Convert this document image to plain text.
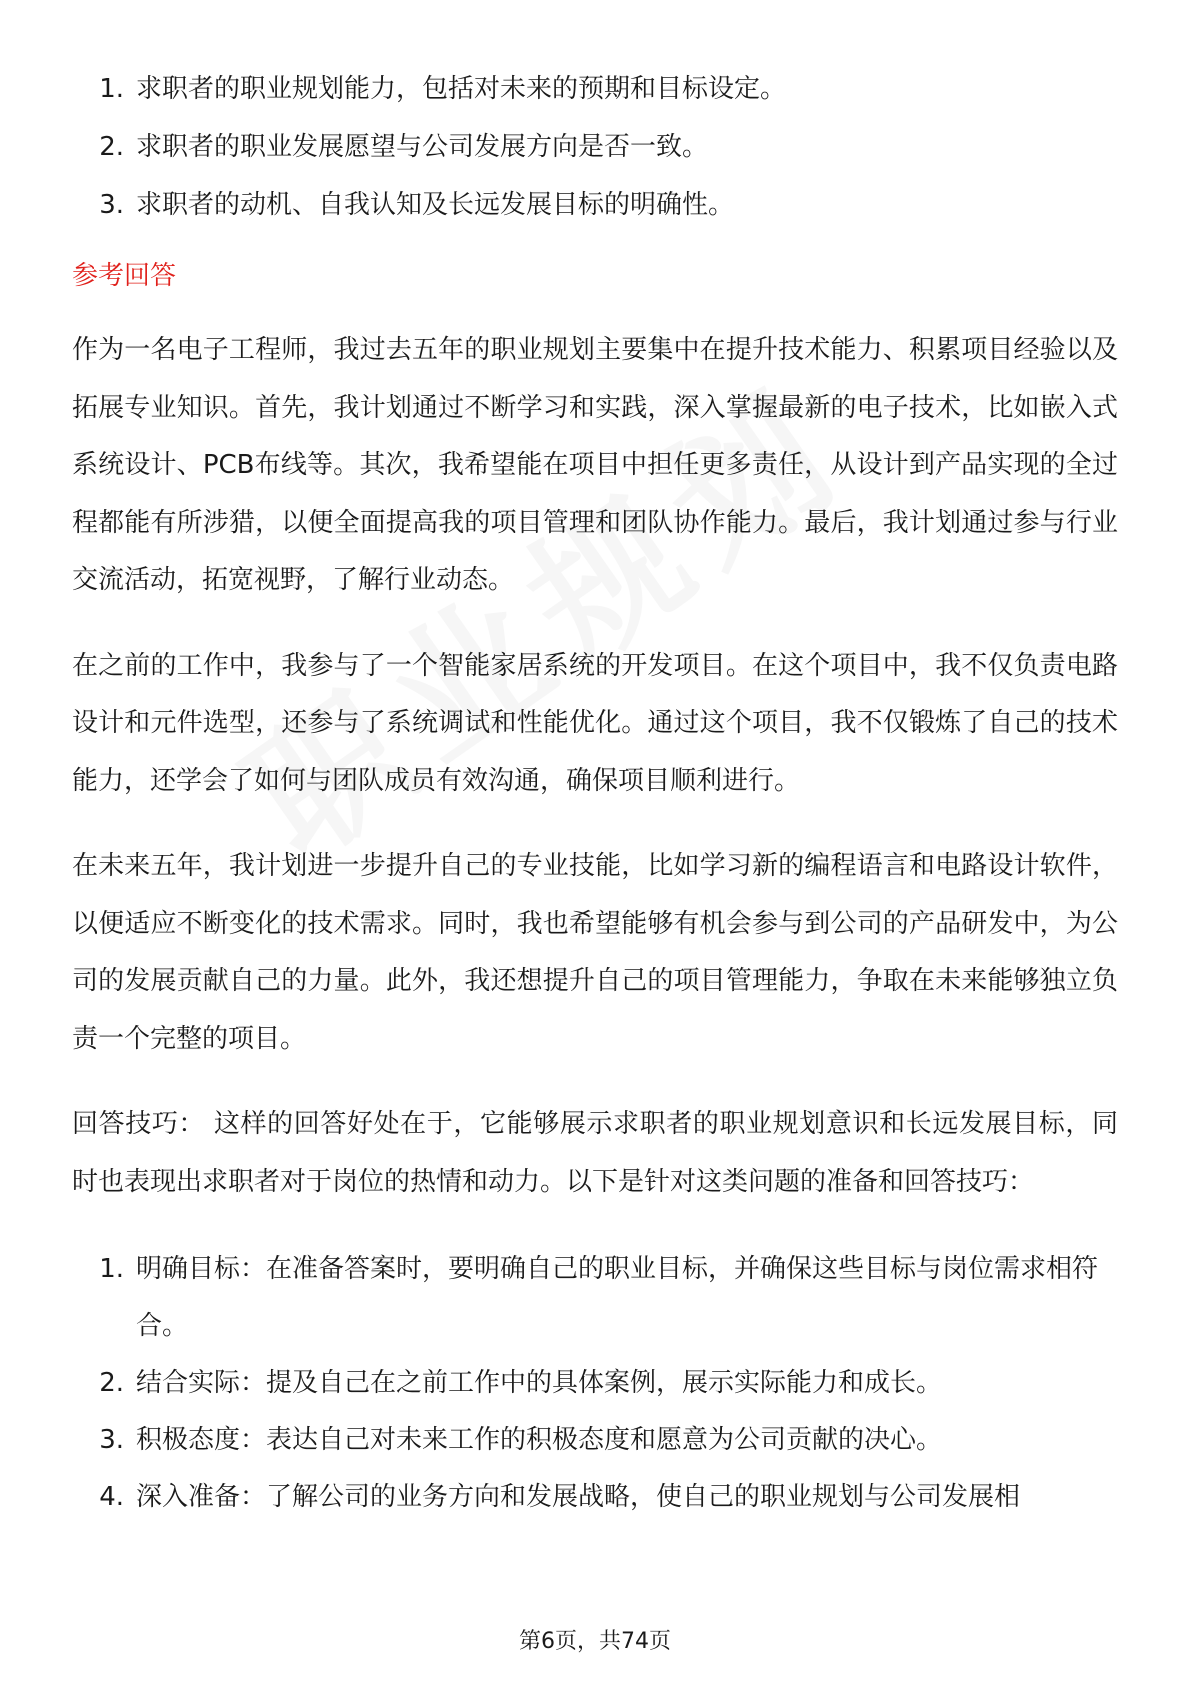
1. 求职者的职业规划能力，包括对未来的预期和目标设定。
2. 求职者的职业发展愿望与公司发展方向是否一致。
3. 求职者的动机、自我认知及长远发展目标的明确性。
参考回答

作为一名电子工程师，我过去五年的职业规划主要集中在提升技术能力、积累项目经验以及拓展专业知识。首先，我计划通过不断学习和实践，深入掌握最新的电子技术，比如嵌入式系统设计、PCB布线等。其次，我希望能在项目中担任更多责任，从设计到产品实现的全过程都能有所涉猎，以便全面提高我的项目管理和团队协作能力。最后，我计划通过参与行业交流活动，拓宽视野，了解行业动态。

在之前的工作中，我参与了一个智能家居系统的开发项目。在这个项目中，我不仅负责电路设计和元件选型，还参与了系统调试和性能优化。通过这个项目，我不仅锻炼了自己的技术能力，还学会了如何与团队成员有效沟通，确保项目顺利进行。

在未来五年，我计划进一步提升自己的专业技能，比如学习新的编程语言和电路设计软件，以便适应不断变化的技术需求。同时，我也希望能够有机会参与到公司的产品研发中，为公司的发展贡献自己的力量。此外，我还想提升自己的项目管理能力，争取在未来能够独立负责一个完整的项目。

回答技巧： 这样的回答好处在于，它能够展示求职者的职业规划意识和长远发展目标，同时也表现出求职者对于岗位的热情和动力。以下是针对这类问题的准备和回答技巧：

1. 明确目标：在准备答案时，要明确自己的职业目标，并确保这些目标与岗位需求相符合。
2. 结合实际：提及自己在之前工作中的具体案例，展示实际能力和成长。
3. 积极态度：表达自己对未来工作的积极态度和愿意为公司贡献的决心。
4. 深入准备：了解公司的业务方向和发展战略，使自己的职业规划与公司发展相
第6页，共74页
